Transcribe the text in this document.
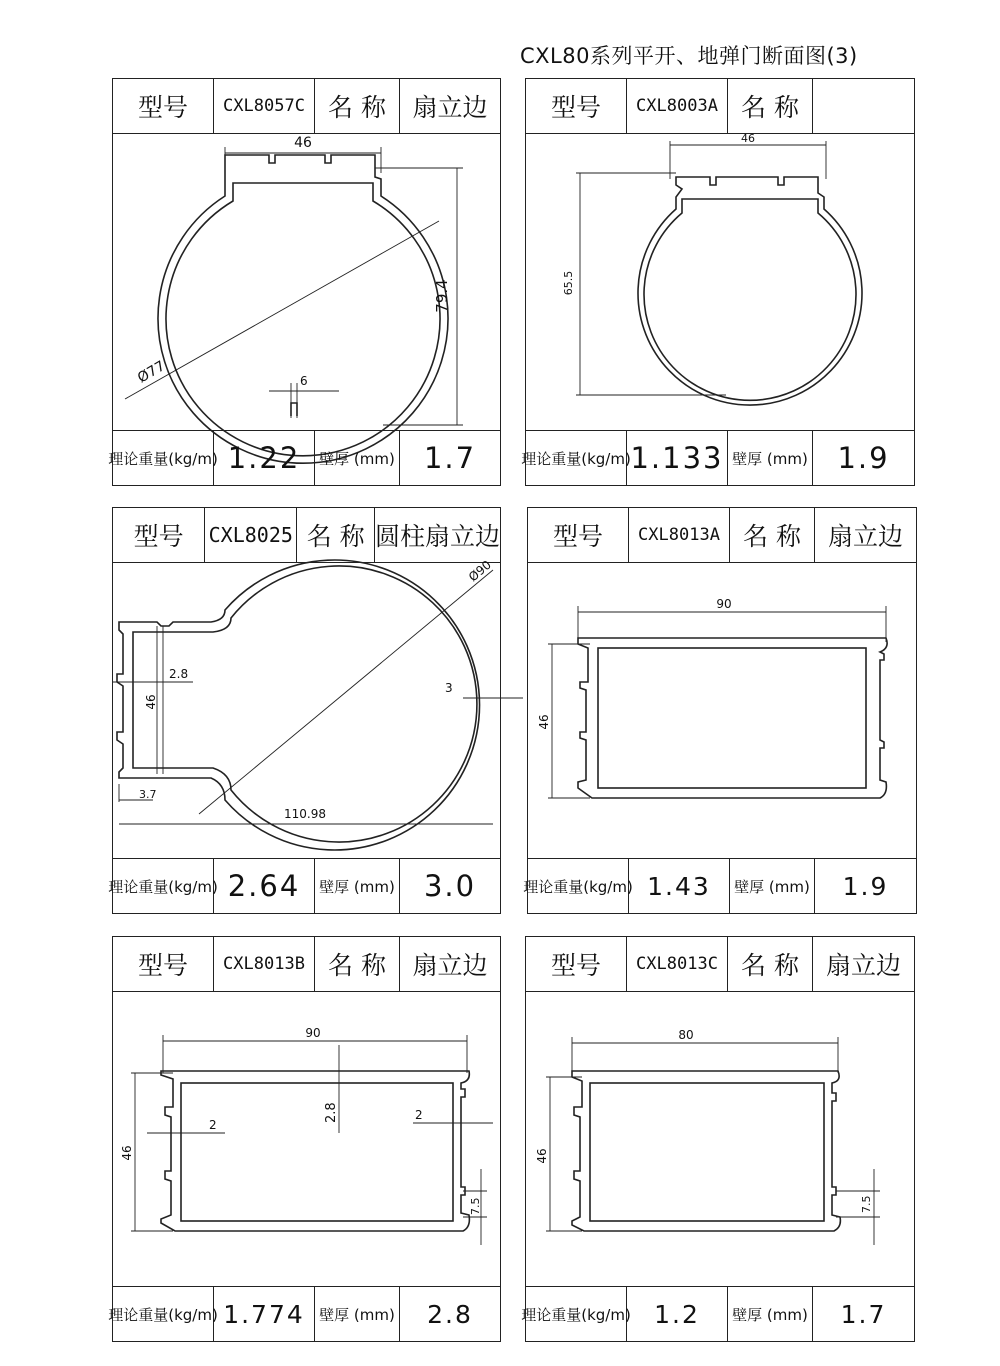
CXL80系列平开、地弹门断面图(3)
型号	CXL8057C 名 称	扇立边
46
79.4
Ø77	6
理论重量(kg/m) 1.22	壁厚 (mm)	1.7
型号	CXL8003A 名 称
46
65.5
理论重量(kg/m) 1.133 壁厚 (mm)	1.9
型号	CXL8025 名 称 圆柱扇立边
2.8
46
3
Ø90
3.7
110.98
理论重量(kg/m) 2.64	壁厚 (mm)	3.0
型号	CXL8013A 名 称	扇立边
90
46
理论重量(kg/m) 1.43	壁厚 (mm)	1.9
型号	CXL8013B 名 称	扇立边
90
46
2.8
2
2
7.5
理论重量(kg/m) 1.774 壁厚 (mm)	2.8
型号	CXL8013C 名 称	扇立边
80
46
7.5
理论重量(kg/m) 1.2	壁厚 (mm)	1.7
